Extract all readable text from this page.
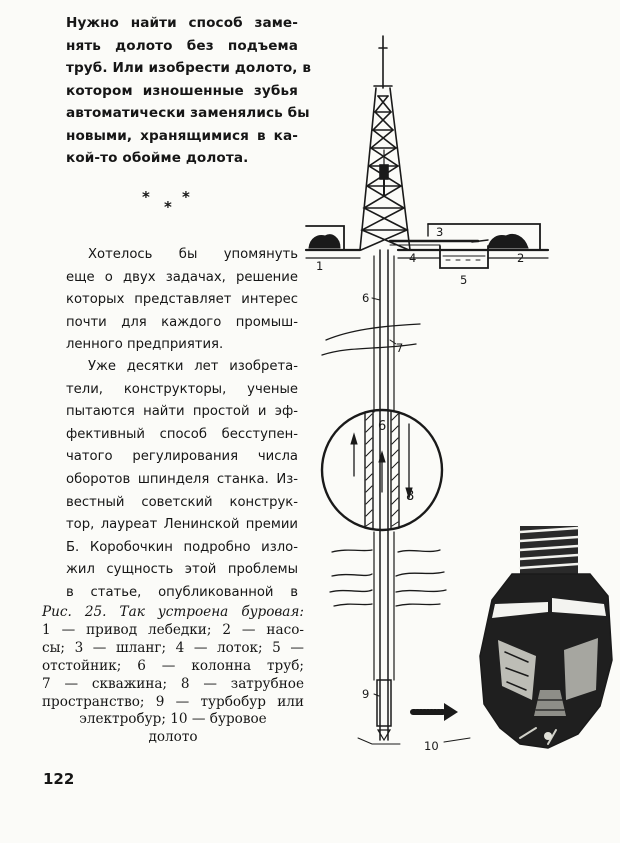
Нужно найти способ заме-
нять долото без подъема
труб. Или изобрести долото, в
котором изношенные зубья
автоматически заменялись бы
новыми, хранящимися в ка-
кой-то обойме долота.
*
*
*
Хотелось бы упомянуть
еще о двух задачах, решение
которых представляет интерес
почти для каждого промыш-
ленного предприятия.
Уже десятки лет изобрета-
тели, конструкторы, ученые
пытаются найти простой и эф-
фективный способ бесступен-
чатого регулирования числа
оборотов шпинделя станка. Из-
вестный советский конструк-
тор, лауреат Ленинской премии
Б. Коробочкин подробно изло-
жил сущность этой проблемы
в статье, опубликованной в
Рис. 25. Так устроена буровая:
1 — привод лебедки; 2 — насо-
сы; 3 — шланг; 4 — лоток; 5 —
отстойник; 6 — колонна труб;
7 — скважина; 8 — затрубное
пространство; 9 — турбобур или
электробур; 10 — буровое
долото
122
1
2
3
4
5
6
7
6
8
9
10
